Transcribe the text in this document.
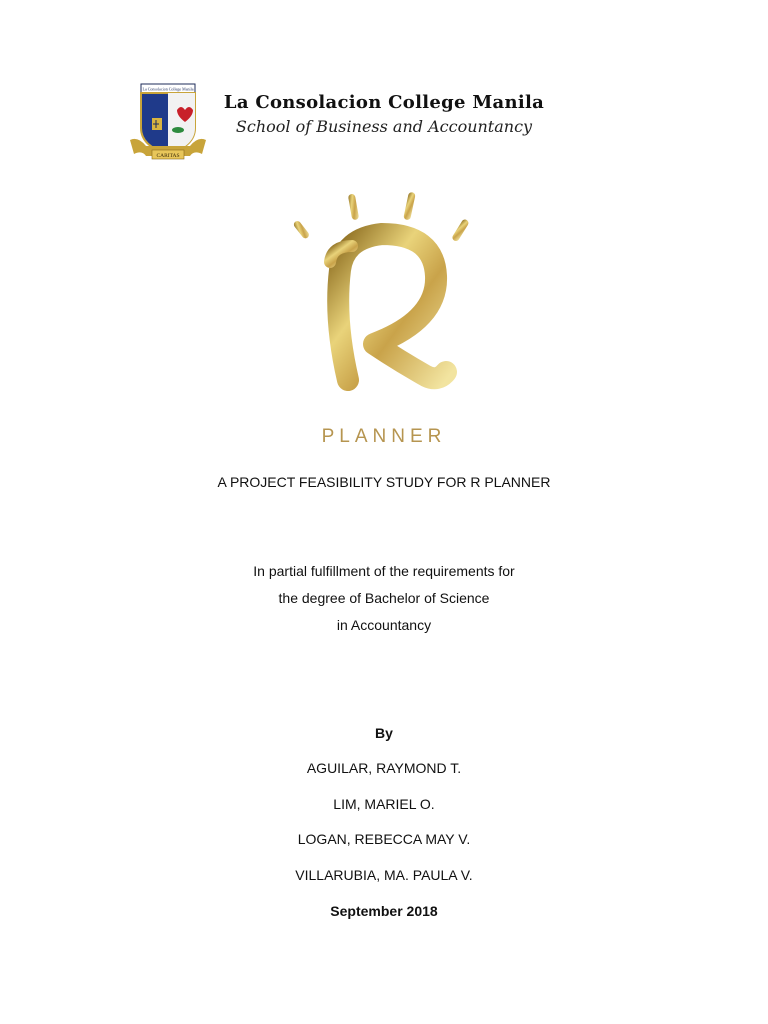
La Consolacion College Manila
CARITAS
La Consolacion College Manila
School of Business and Accountancy
PLANNER
A PROJECT FEASIBILITY STUDY FOR R PLANNER
In partial fulfillment of the requirements for
the degree of Bachelor of Science
in Accountancy
By
AGUILAR, RAYMOND T.
LIM, MARIEL O.
LOGAN, REBECCA MAY V.
VILLARUBIA, MA. PAULA V.
September 2018
